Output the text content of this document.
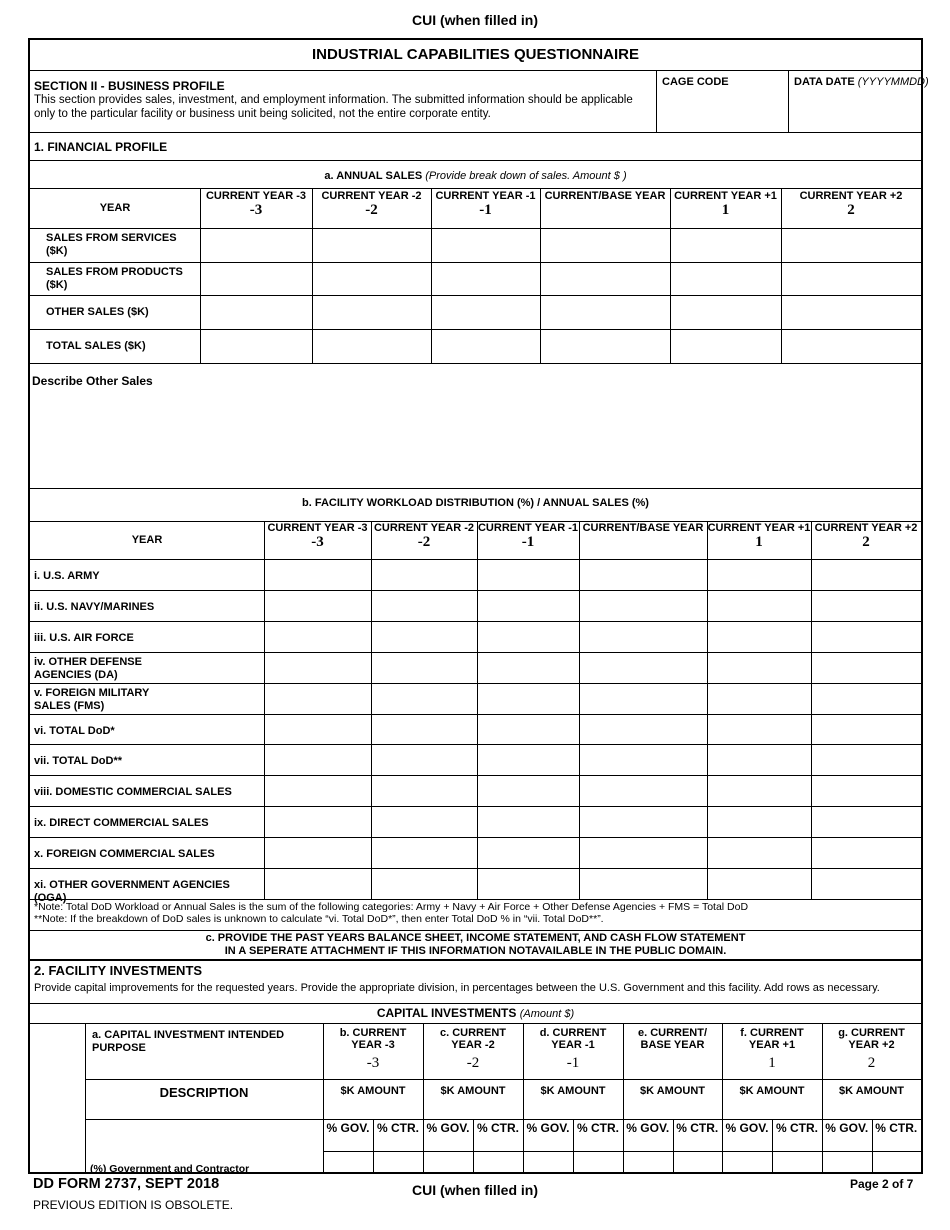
CUI (when filled in)
INDUSTRIAL CAPABILITIES QUESTIONNAIRE
SECTION II - BUSINESS PROFILE
This section provides sales, investment, and employment information. The submitted information should be applicable only to the particular facility or business unit being solicited, not the entire corporate entity.
CAGE CODE	DATA DATE (YYYYMMDD)
1. FINANCIAL PROFILE
a. ANNUAL SALES (Provide break down of sales. Amount $ )
YEAR
CURRENT YEAR -3
-3
CURRENT YEAR -2
-2
CURRENT YEAR -1
-1
CURRENT/BASE YEAR CURRENT YEAR +1
1
CURRENT YEAR +2
2
SALES FROM SERVICES ($K)
SALES FROM PRODUCTS ($K)
OTHER SALES ($K)
TOTAL SALES ($K)
Describe Other Sales
b. FACILITY WORKLOAD DISTRIBUTION (%) / ANNUAL SALES (%)
YEAR
CURRENT YEAR -3
-3
CURRENT YEAR -2
-2
CURRENT YEAR -1
-1
CURRENT/BASE YEAR CURRENT YEAR +1
1
CURRENT YEAR +2
2
i. U.S. ARMY
ii. U.S. NAVY/MARINES
iii. U.S. AIR FORCE
iv. OTHER DEFENSE AGENCIES (DA)
v. FOREIGN MILITARY SALES (FMS)
vi. TOTAL DoD*
vii. TOTAL DoD**
viii. DOMESTIC COMMERCIAL SALES
ix. DIRECT COMMERCIAL SALES
x. FOREIGN COMMERCIAL SALES
xi. OTHER GOVERNMENT AGENCIES (OGA)
*Note: Total DoD Workload or Annual Sales is the sum of the following categories: Army + Navy + Air Force + Other Defense Agencies + FMS = Total DoD
**Note: If the breakdown of DoD sales is unknown to calculate “vi. Total DoD*”, then enter Total DoD % in “vii. Total DoD**”.
c. PROVIDE THE PAST YEARS BALANCE SHEET, INCOME STATEMENT, AND CASH FLOW STATEMENT
IN A SEPERATE ATTACHMENT IF THIS INFORMATION NOTAVAILABLE IN THE PUBLIC DOMAIN.
2. FACILITY INVESTMENTS
Provide capital improvements for the requested years. Provide the appropriate division, in percentages between the U.S. Government and this facility. Add rows as necessary.
CAPITAL INVESTMENTS (Amount $)
a. CAPITAL INVESTMENT INTENDED PURPOSE
DESCRIPTION
(%) Government and Contractor
b. CURRENT
YEAR -3
-3
$K AMOUNT
% GOV. % CTR.
c. CURRENT
YEAR -2
-2
$K AMOUNT
% GOV. % CTR.
d. CURRENT
YEAR -1
-1
$K AMOUNT
% GOV. % CTR.
e. CURRENT/
BASE YEAR
$K AMOUNT
% GOV. % CTR.
f. CURRENT
YEAR +1
1
$K AMOUNT
% GOV. % CTR.
g. CURRENT
YEAR +2
2
$K AMOUNT
% GOV. % CTR.
DD FORM 2737, SEPT 2018
PREVIOUS EDITION IS OBSOLETE.
CUI (when filled in)	Page 2 of 7
